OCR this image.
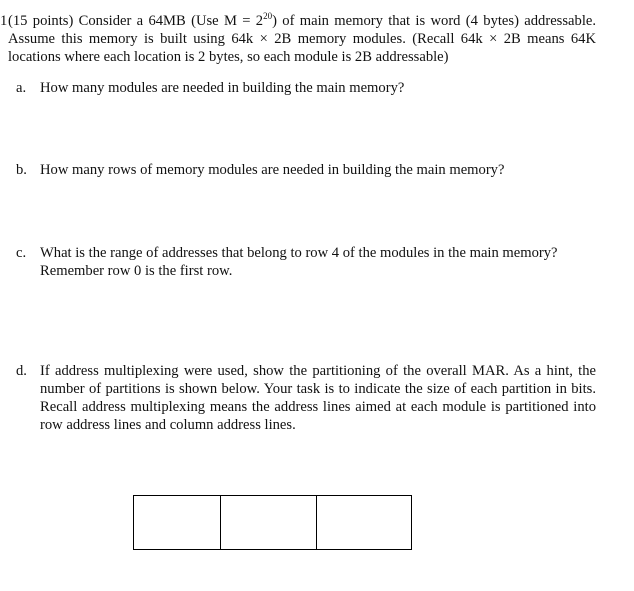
1 (15 points) Consider a 64MB (Use $M = 2^{20}$) of main memory that is word (4 bytes) addressable. Assume this memory is built using 64k × 2B memory modules. (Recall 64k × 2B means 64K locations where each location is 2 bytes, so each module is 2B addressable)
a. How many modules are needed in building the main memory?
b. How many rows of memory modules are needed in building the main memory?
c. What is the range of addresses that belong to row 4 of the modules in the main memory?
Remember row 0 is the first row.
d. If address multiplexing were used, show the partitioning of the overall MAR. As a hint, the number of partitions is shown below. Your task is to indicate the size of each partition in bits. Recall address multiplexing means the address lines aimed at each module is partitioned into row address lines and column address lines.
